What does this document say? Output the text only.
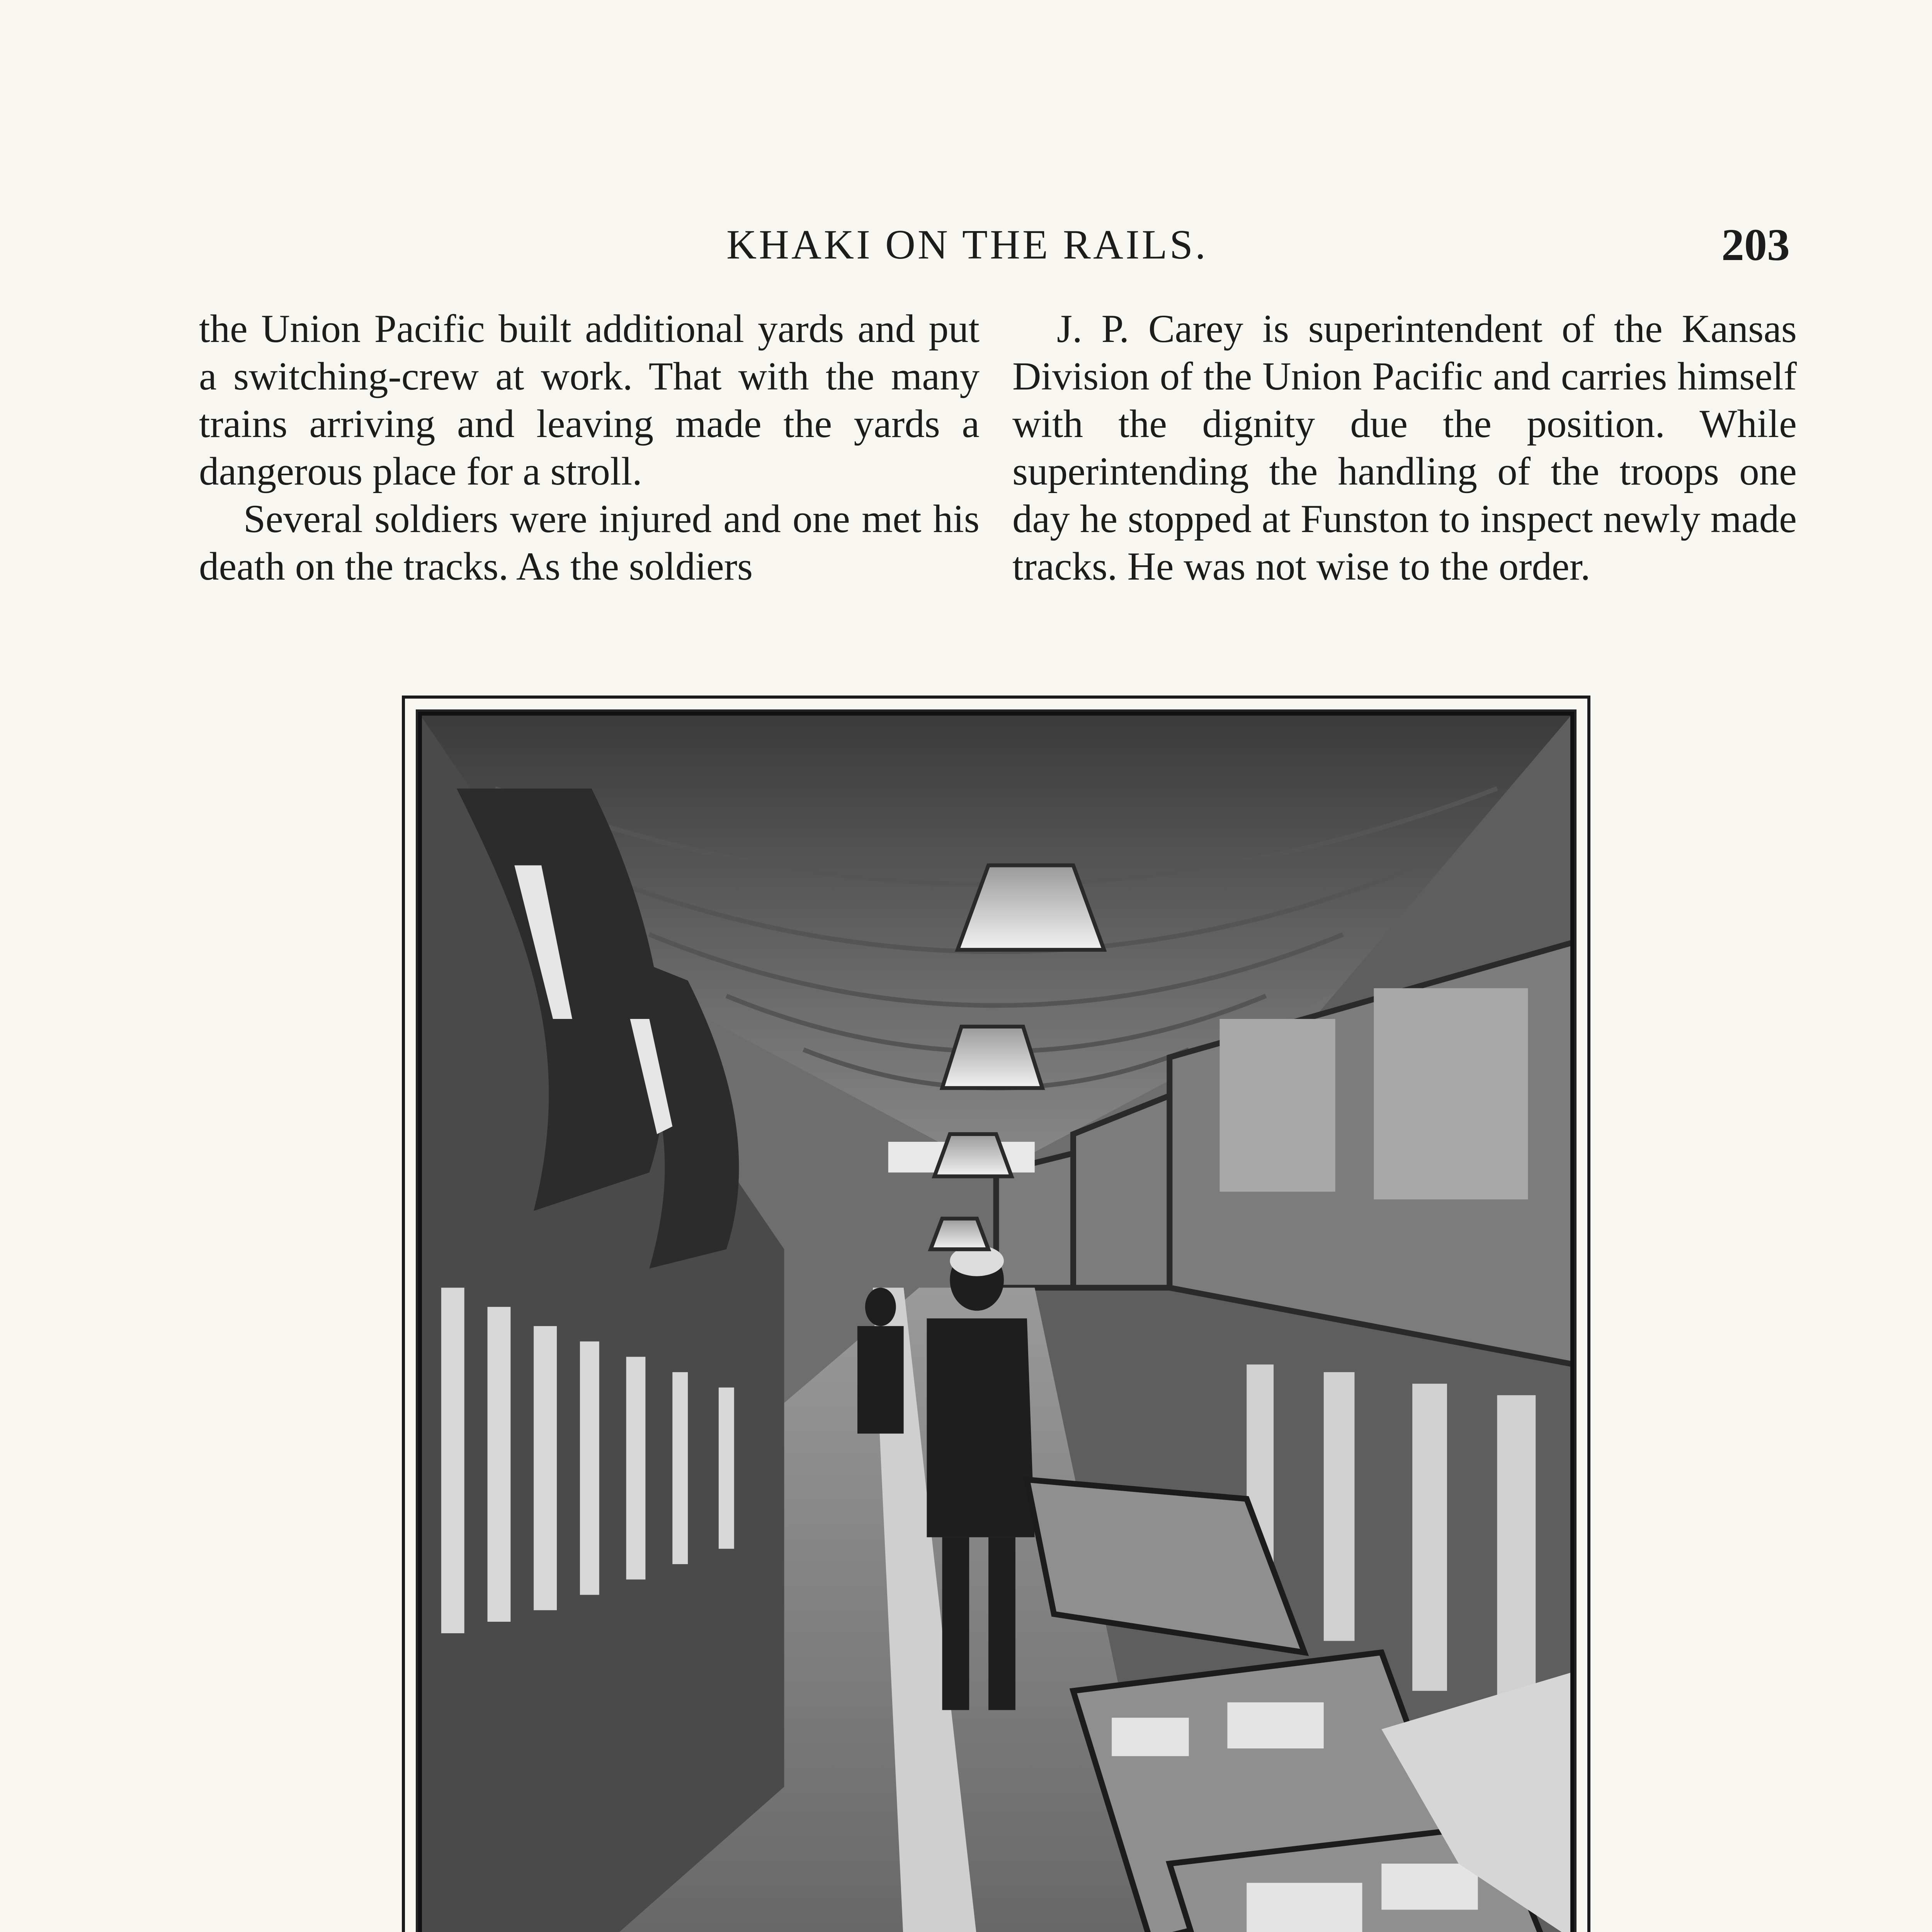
KHAKI ON THE RAILS.	203

the Union Pacific built additional yards and put a switching-crew at work. That with the many trains arriving and leaving made the yards a dangerous place for a stroll.

Several soldiers were injured and one met his death on the tracks. As the soldiers

J. P. Carey is superintendent of the Kansas Division of the Union Pacific and carries himself with the dignity due the position. While superintending the handling of the troops one day he stopped at Funston to inspect newly made tracks. He was not wise to the order.
